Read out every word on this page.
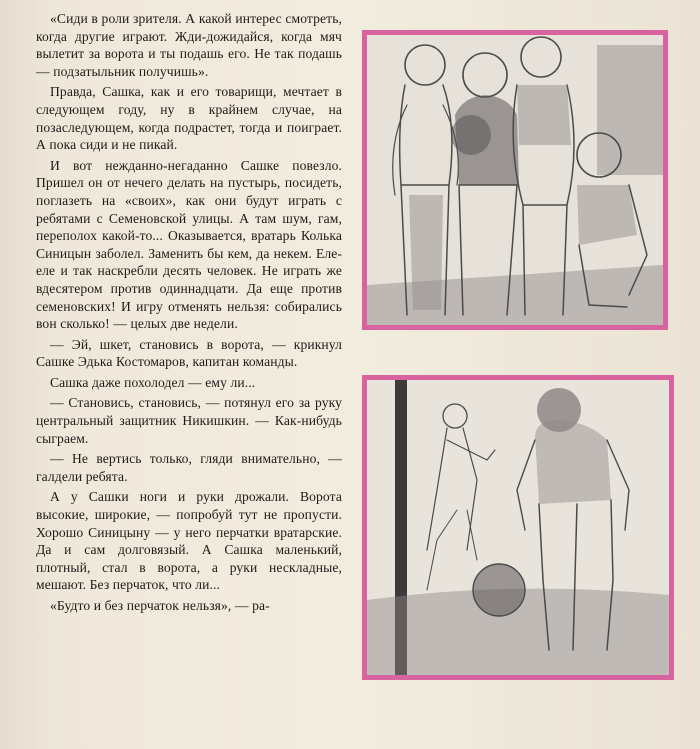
«Сиди в роли зрителя. А какой интерес смотреть, когда другие играют. Жди-дожидайся, когда мяч вылетит за ворота и ты подашь его. Не так подашь — подзатыльник получишь».

Правда, Сашка, как и его товарищи, мечтает в следующем году, ну в крайнем случае, на позаследующем, когда подрастет, тогда и поиграет. А пока сиди и не пикай.

И вот нежданно-негаданно Сашке повезло. Пришел он от нечего делать на пустырь, посидеть, поглазеть на «своих», как они будут играть с ребятами с Семеновской улицы. А там шум, гам, переполох какой-то... Оказывается, вратарь Колька Синицын заболел. Заменить бы кем, да некем. Еле-еле и так наскребли десять человек. Не играть же вдесятером против одиннадцати. Да еще против семеновских! И игру отменять нельзя: собирались вон сколько! — целых две недели.

— Эй, шкет, становись в ворота, — крикнул Сашке Эдька Костомаров, капитан команды.

Сашка даже похолодел — ему ли...

— Становись, становись, — потянул его за руку центральный защитник Никишкин. — Как-нибудь сыграем.

— Не вертись только, гляди внимательно, — галдели ребята.

А у Сашки ноги и руки дрожали. Ворота высокие, широкие, — попробуй тут не пропусти. Хорошо Синицыну — у него перчатки вратарские. Да и сам долговязый. А Сашка маленький, плотный, стал в ворота, а руки нескладные, мешают. Без перчаток, что ли...

«Будто и без перчаток нельзя», — ра-
